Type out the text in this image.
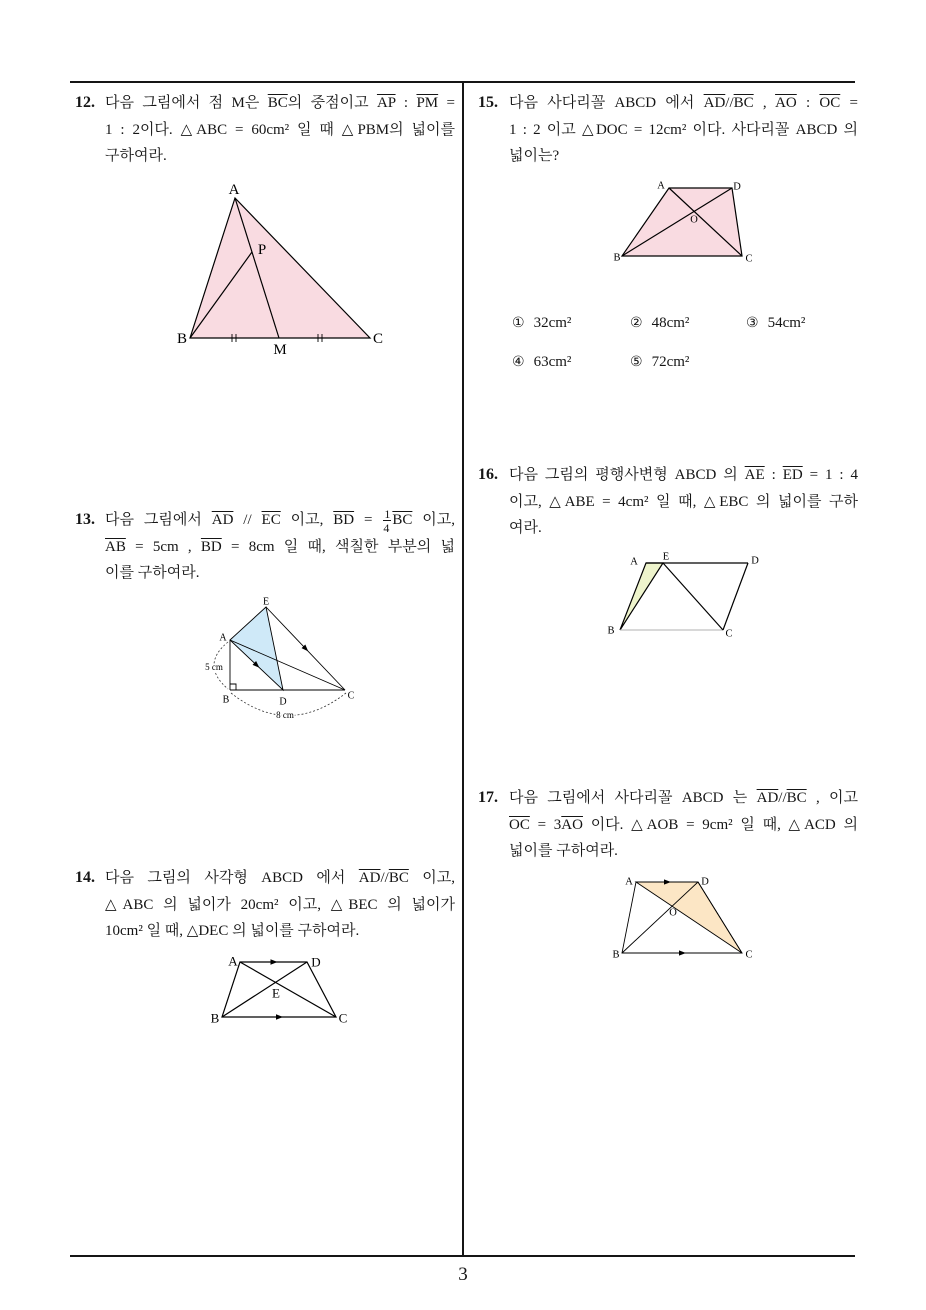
3
12. 다음 그림에서 점 M은 $\overline{BC}$의 중점이고 $\overline{AP}$ : $\overline{PM}$ =
1 : 2이다. △ABC = 60cm² 일 때 △PBM의 넓이를
구하여라.
13. 다음 그림에서 $\overline{AD} // \overline{EC}$ 이고, $\overline{BD} = \frac{1}{4} \overline{BC}$ 이고,
$\overline{AB} = 5cm$ , $\overline{BD} = 8cm$ 일 때, 색칠한 부분의 넓
이를 구하여라.
14. 다음 그림의 사각형 ABCD 에서 $\overline{AD}//\overline{BC}$ 이고,
△ABC 의 넓이가 20cm² 이고, △BEC 의 넓이가
10cm² 일 때, △DEC 의 넓이를 구하여라.
15. 다음 사다리꼴 ABCD 에서 $\overline{AD}//\overline{BC}$ , $\overline{AO}$ : $\overline{OC}$ =
1 : 2 이고 △DOC = 12cm² 이다. 사다리꼴 ABCD 의
넓이는?
16. 다음 그림의 평행사변형 ABCD 의 $\overline{AE}$ : $\overline{ED} = 1$ : 4
이고, △ABE = 4cm² 일 때, △EBC 의 넓이를 구하
여라.
17. 다음 그림에서 사다리꼴 ABCD 는 $\overline{AD}//\overline{BC}$ , 이고
$\overline{OC} = 3\overline{AO}$ 이다. △AOB = 9cm² 일 때, △ACD 의
넓이를 구하여라.
① 32cm²	② 48cm²	③ 54cm²
④ 63cm²	⑤ 72cm²
A
P
B
M
C
5 cm
8 cm
E
A
B	D
C
A	D
E
B	C
A	D
O
B	C
A E	D
B	C
A	D
O
B	C
